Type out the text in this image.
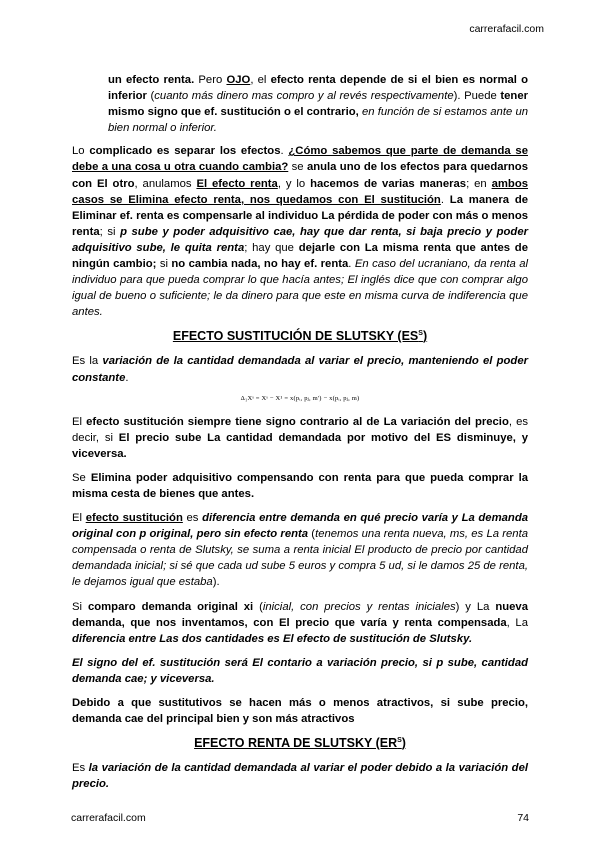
carrerafacil.com

un efecto renta. Pero OJO, el efecto renta depende de si el bien es normal o inferior (cuanto más dinero mas compro y al revés respectivamente). Puede tener mismo signo que ef. sustitución o el contrario, en función de si estamos ante un bien normal o inferior.

Lo complicado es separar los efectos. ¿Cómo sabemos que parte de demanda se debe a una cosa u otra cuando cambia? se anula uno de los efectos para quedarnos con El otro, anulamos El efecto renta, y lo hacemos de varias maneras; en ambos casos se Elimina efecto renta, nos quedamos con El sustitución. La manera de Eliminar ef. renta es compensarle al individuo La pérdida de poder con más o menos renta; si p sube y poder adquisitivo cae, hay que dar renta, si baja precio y poder adquisitivo sube, le quita renta; hay que dejarle con La misma renta que antes de ningún cambio; si no cambia nada, no hay ef. renta. En caso del ucraniano, da renta al individuo para que pueda comprar lo que hacía antes; El inglés dice que con comprar algo igual de bueno o suficiente; le da dinero para que este en misma curva de indiferencia que antes.

EFECTO SUSTITUCIÓN DE SLUTSKY $(ES^S)$

Es la variación de la cantidad demandada al variar el precio, manteniendo el poder constante.

Δ₁Xˢ = Xˢ − X¹ = x(pᵢ, pⱼ, m') − x(pᵢ, pⱼ, m)

El efecto sustitución siempre tiene signo contrario al de La variación del precio, es decir, si El precio sube La cantidad demandada por motivo del ES disminuye, y viceversa.

Se Elimina poder adquisitivo compensando con renta para que pueda comprar la misma cesta de bienes que antes.

El efecto sustitución es diferencia entre demanda en qué precio varía y La demanda original con p original, pero sin efecto renta (tenemos una renta nueva, ms, es La renta compensada o renta de Slutsky, se suma a renta inicial El producto de precio por cantidad demandada inicial; si sé que cada ud sube 5 euros y compra 5 ud, si le damos 25 de renta, le dejamos igual que estaba).

Si comparo demanda original xi (inicial, con precios y rentas iniciales) y La nueva demanda, que nos inventamos, con El precio que varía y renta compensada, La diferencia entre Las dos cantidades es El efecto de sustitución de Slutsky.

El signo del ef. sustitución será El contario a variación precio, si p sube, cantidad demanda cae; y viceversa.

Debido a que sustitutivos se hacen más o menos atractivos, si sube precio, demanda cae del principal bien y son más atractivos

EFECTO RENTA DE SLUTSKY $(ER^S)$

Es la variación de la cantidad demandada al variar el poder debido a la variación del precio.

carrerafacil.com	74
